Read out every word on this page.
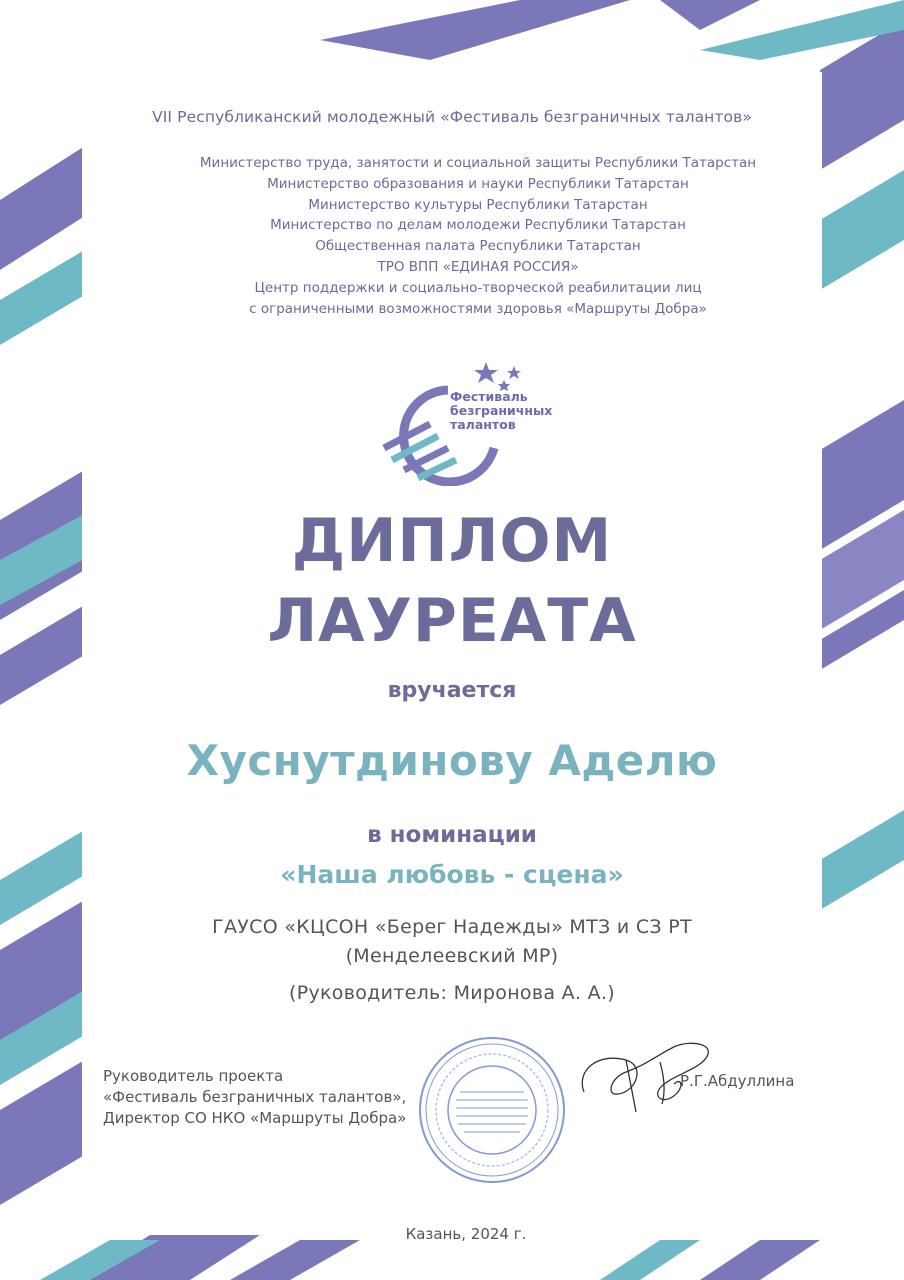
VII Республиканский молодежный «Фестиваль безграничных талантов»
Министерство труда, занятости и социальной защиты Республики Татарстан
Министерство образования и науки Республики Татарстан
Министерство культуры Республики Татарстан
Министерство по делам молодежи Республики Татарстан
Общественная палата Республики Татарстан
ТРО ВПП «ЕДИНАЯ РОССИЯ»
Центр поддержки и социально-творческой реабилитации лиц
с ограниченными возможностями здоровья «Маршруты Добра»
Фестиваль
безграничных
талантов
ДИПЛОМ
ЛАУРЕАТА
вручается
Хуснутдинову Аделю
в номинации
«Наша любовь - сцена»
ГАУСО «КЦСОН «Берег Надежды» МТЗ и СЗ РТ
(Менделеевский МР)
(Руководитель: Миронова А. А.)
Руководитель проекта
«Фестиваль безграничных талантов»,
Директор СО НКО «Маршруты Добра»
Р.Г.Абдуллина
Казань, 2024 г.
